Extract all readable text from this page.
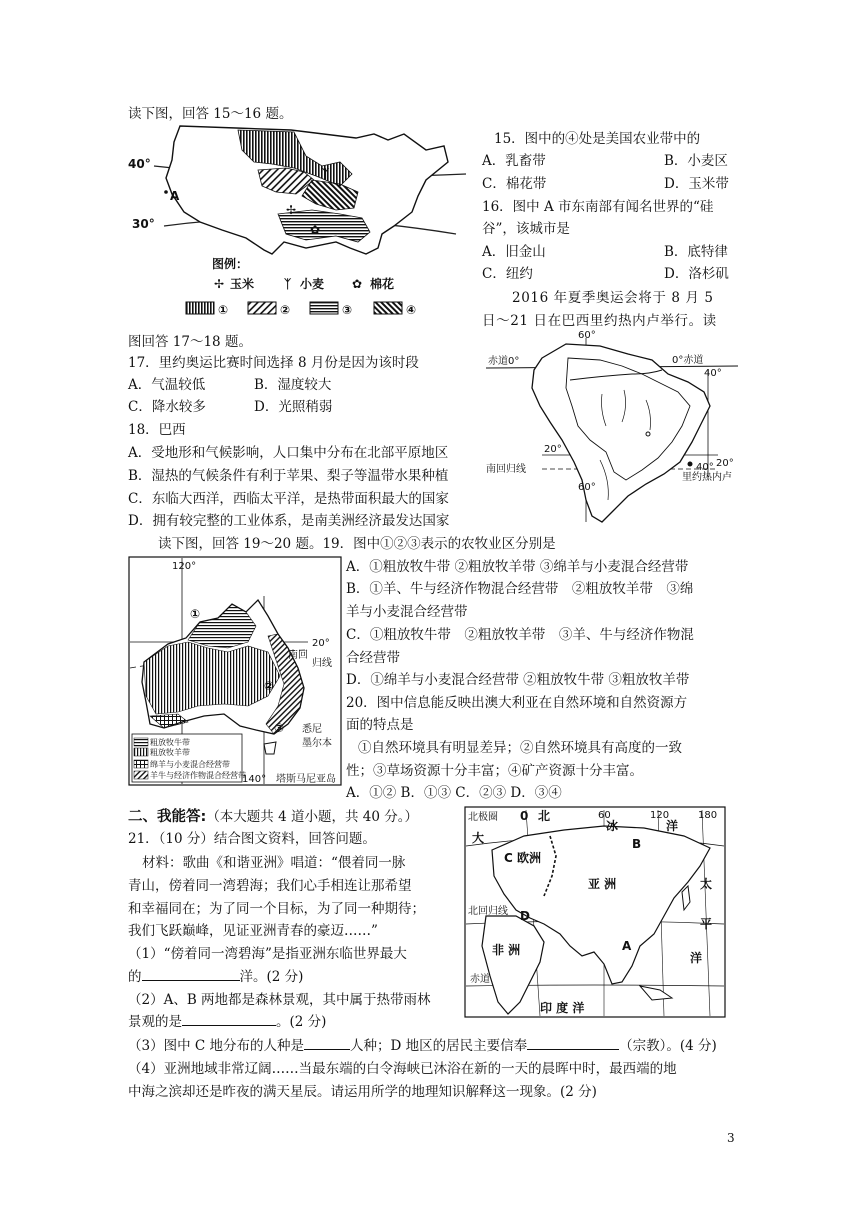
读下图，回答 15～16 题。
15．图中的④处是美国农业带中的
A．乳畜带	B．小麦区
C．棉花带	D．玉米带
16．图中 A 市东南部有闻名世界的“硅
谷”，该城市是
A．旧金山	B．底特律
C．纽约	D．洛杉矶
2016 年夏季奥运会将于 8 月 5
日～21 日在巴西里约热内卢举行。读
图回答 17～18 题。
17．里约奥运比赛时间选择 8 月份是因为该时段
A．气温较低	B．湿度较大
C．降水较多	D．光照稍弱
18．巴西
A．受地形和气候影响，人口集中分布在北部平原地区
B．湿热的气候条件有利于苹果、梨子等温带水果种植
C．东临大西洋，西临太平洋，是热带面积最大的国家
D．拥有较完整的工业体系，是南美洲经济最发达国家
读下图，回答 19～20 题。19．图中①②③表示的农牧业区分别是
A．①粗放牧牛带 ②粗放牧羊带 ③绵羊与小麦混合经营带
B．①羊、牛与经济作物混合经营带　②粗放牧羊带　③绵
羊与小麦混合经营带
C．①粗放牧牛带　②粗放牧羊带　③羊、牛与经济作物混
合经营带
D．①绵羊与小麦混合经营带 ②粗放牧牛带 ③粗放牧羊带
20．图中信息能反映出澳大利亚在自然环境和自然资源方
面的特点是
①自然环境具有明显差异；②自然环境具有高度的一致
性；③草场资源十分丰富；④矿产资源十分丰富。
A．①② B．①③ C．②③ D．③④
二、我能答:（本大题共 4 道小题，共 40 分。）
21．（10 分）结合图文资料，回答问题。
材料：歌曲《和谐亚洲》唱道：“偎着同一脉
青山，傍着同一湾碧海；我们心手相连让那希望
和幸福同在；为了同一个目标，为了同一种期待；
我们飞跃巅峰，见证亚洲青春的豪迈……”
（1）“傍着同一湾碧海”是指亚洲东临世界最大
的	洋。(2 分)
（2）A、B 两地都是森林景观，其中属于热带雨林
景观的是	。(2 分)
（3）图中 C 地分布的人种是	人种；D 地区的居民主要信奉	（宗教）。(4 分)
（4）亚洲地域非常辽阔……当最东端的白令海峡已沐浴在新的一天的晨晖中时，最西端的地
中海之滨却还是昨夜的满天星辰。请运用所学的地理知识解释这一现象。(2 分)
3
ᛉ
✢
✿
40°
30°
A
图例：
✢ 玉米 ᛉ 小麦 ✿ 棉花
①	②	③	④
赤道0°	0°赤道
60°
40°
20°
南回归线
20°
40°
60°
里约热内卢
120°
20°
南回
归线
①
②
③ 悉尼
墨尔本
140° 塔斯马尼亚岛
粗放牧牛带
粗放牧羊带
绵羊与小麦混合经营带
羊牛与经济作物混合经营带
北极圈 0 北	60
冰
120
洋
180
大	B
C 欧洲
亚 洲	太
北回归线 D
平
非 洲	A
洋
赤道
印 度 洋
